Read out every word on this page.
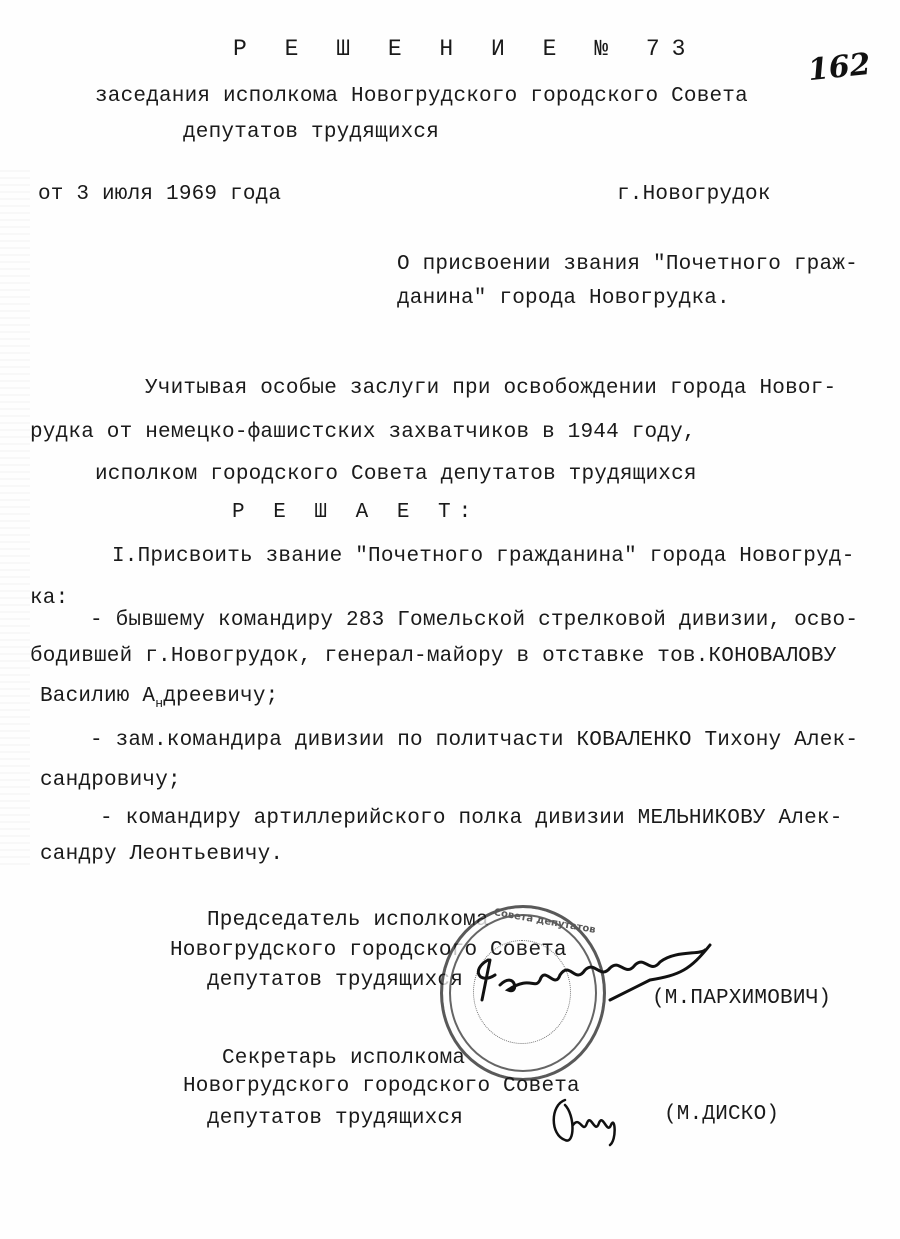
162
Р Е Ш Е Н И Е № 73
заседания исполкома Новогрудского городского Совета
депутатов трудящихся
от 3 июля 1969 года	г.Новогрудок
О присвоении звания "Почетного граж-
данина" города Новогрудка.
Учитывая особые заслуги при освобождении города Новог-
рудка от немецко-фашистских захватчиков в 1944 году,
исполком городского Совета депутатов трудящихся
Р Е Ш А Е Т:
I.Присвоить звание "Почетного гражданина" города Новогруд-
ка:
- бывшему командиру 283 Гомельской стрелковой дивизии, осво-
бодившей г.Новогрудок, генерал-майору в отставке тов.КОНОВАЛОВУ
Василию $А_ндреевичу$;
- зам.командира дивизии по политчасти КОВАЛЕНКО Тихону Алек-
сандровичу;
- командиру артиллерийского полка дивизии МЕЛЬНИКОВУ Алек-
сандру Леонтьевичу.
Председатель исполкома
Новогрудского городского Совета
депутатов трудящихся
(М.ПАРХИМОВИЧ)
Совета депутатов
Секретарь исполкома
Новогрудского городского Совета
депутатов трудящихся	(М.ДИСКО)
